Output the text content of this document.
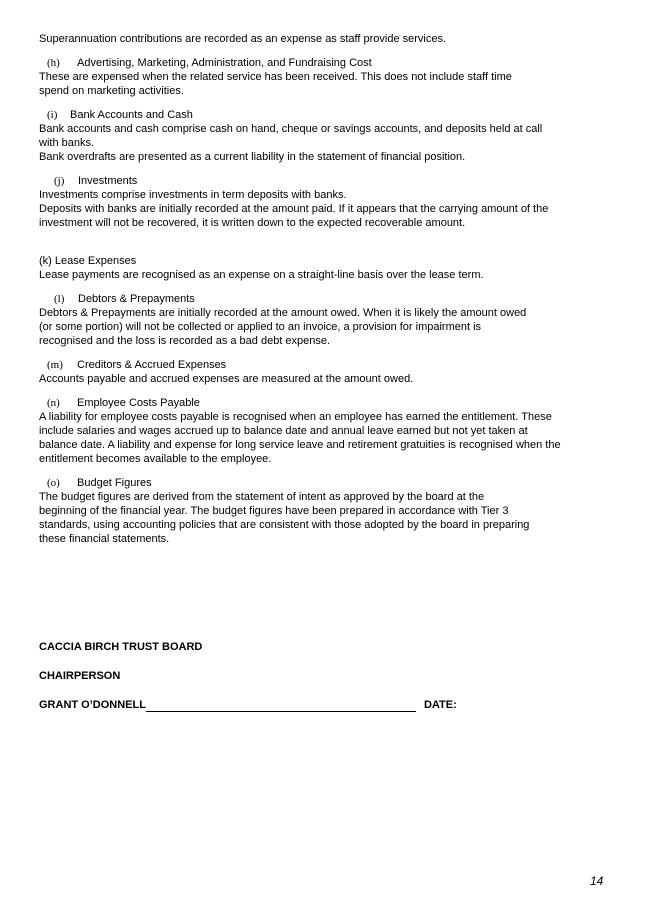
Superannuation contributions are recorded as an expense as staff provide services.
(h) Advertising, Marketing, Administration, and Fundraising Cost
These are expensed when the related service has been received. This does not include staff time
spend on marketing activities.
(i) Bank Accounts and Cash
Bank accounts and cash comprise cash on hand, cheque or savings accounts, and deposits held at call
with banks.
Bank overdrafts are presented as a current liability in the statement of financial position.
(j) Investments
Investments comprise investments in term deposits with banks.
Deposits with banks are initially recorded at the amount paid. If it appears that the carrying amount of the
investment will not be recovered, it is written down to the expected recoverable amount.
(k) Lease Expenses
Lease payments are recognised as an expense on a straight-line basis over the lease term.
(l) Debtors & Prepayments
Debtors & Prepayments are initially recorded at the amount owed. When it is likely the amount owed
(or some portion) will not be collected or applied to an invoice, a provision for impairment is
recognised and the loss is recorded as a bad debt expense.
(m) Creditors & Accrued Expenses
Accounts payable and accrued expenses are measured at the amount owed.
(n) Employee Costs Payable
A liability for employee costs payable is recognised when an employee has earned the entitlement. These
include salaries and wages accrued up to balance date and annual leave earned but not yet taken at
balance date. A liability and expense for long service leave and retirement gratuities is recognised when the
entitlement becomes available to the employee.
(o) Budget Figures
The budget figures are derived from the statement of intent as approved by the board at the
beginning of the financial year. The budget figures have been prepared in accordance with Tier 3
standards, using accounting policies that are consistent with those adopted by the board in preparing
these financial statements.
CACCIA BIRCH TRUST BOARD
CHAIRPERSON
GRANT O’DONNELL	DATE:
14
